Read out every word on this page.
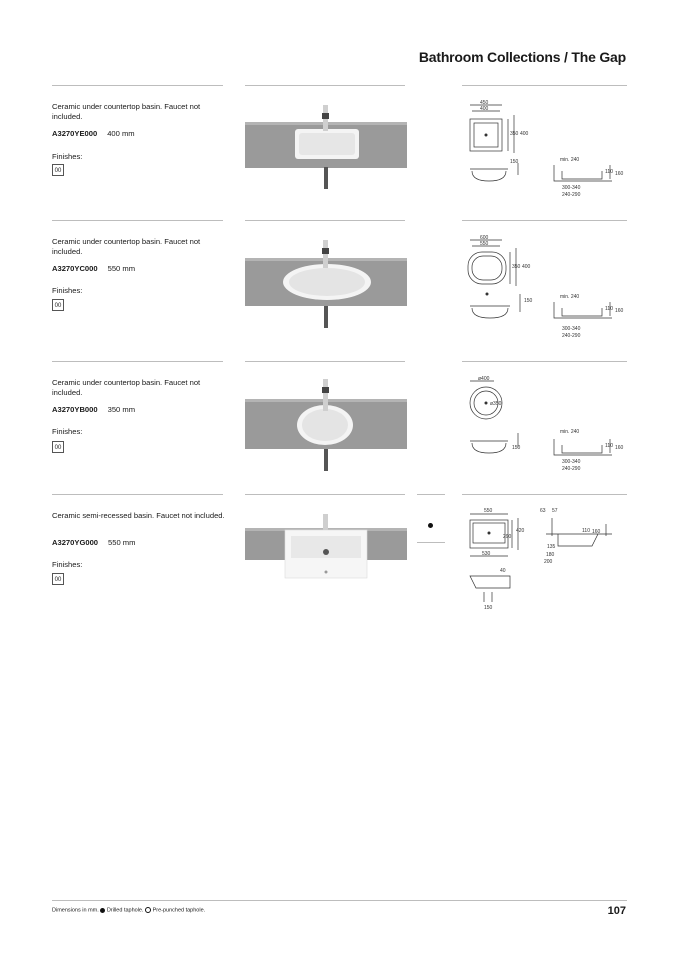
Bathroom Collections / The Gap
Ceramic under countertop basin. Faucet not included.
A3270YE000 400 mm
Finishes:
00
450
400
350 400
150	min. 240
110 160
300-340
240-290
Ceramic under countertop basin. Faucet not included.
A3270YC000 550 mm
Finishes:
00
600
550
350 400
150
min. 240
110 160
300-340
240-290
Ceramic under countertop basin. Faucet not included.
A3270YB000 350 mm
Finishes:
00
ø400
ø350
150
min. 240
110 160
300-340
240-290
Ceramic semi-recessed basin. Faucet not included.
A3270YG000 550 mm
Finishes:
00
550
290
420
530
63 57
110 160
135
180
200
40
150
Dimensions in mm. Drilled taphole. Pre-punched taphole.	107
